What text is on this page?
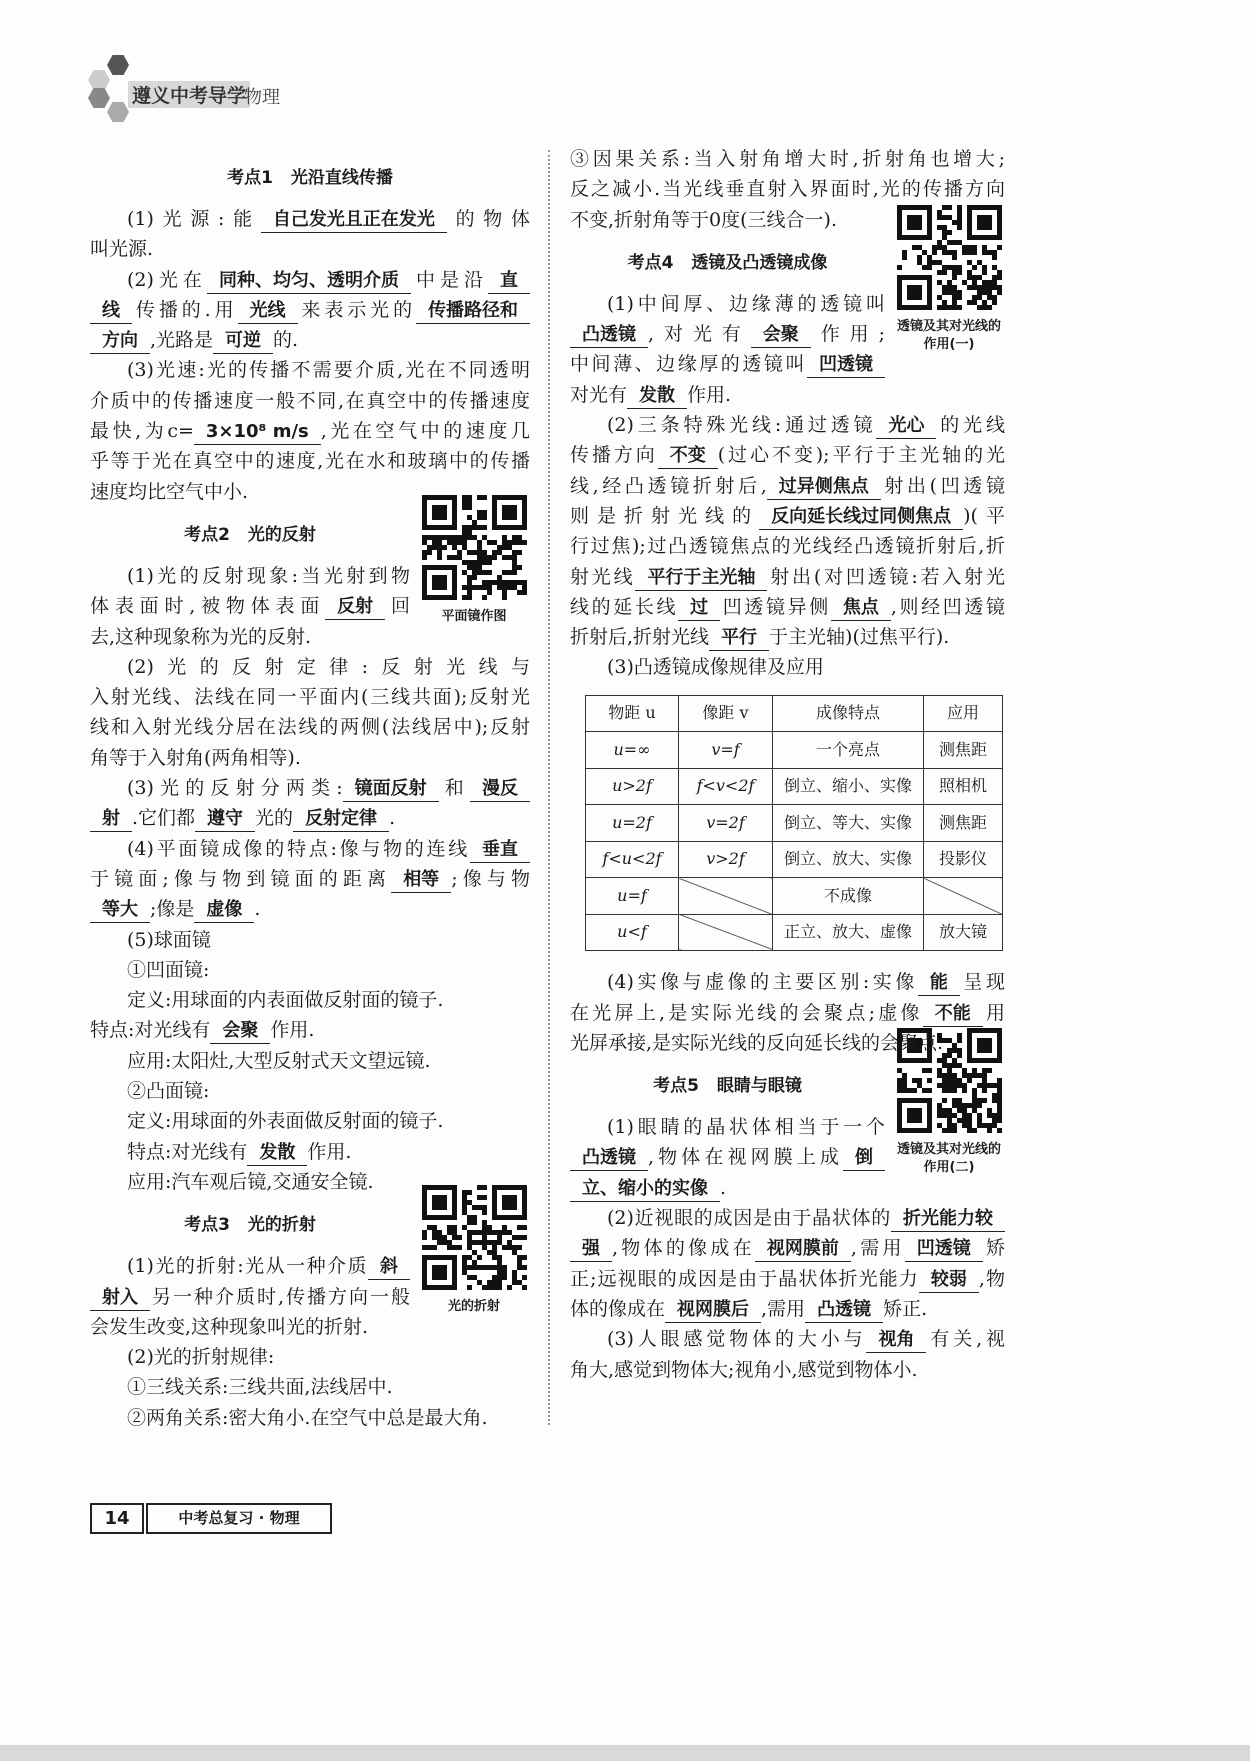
遵义中考导学
物理
考点1 光沿直线传播
(1)光源:能 自己发光且正在发光 的物体
叫光源.
(2)光在 同种、均匀、透明介质 中是沿 直
线 传播的.用 光线 来表示光的 传播路径和
方向 ,光路是 可逆 的.
(3)光速:光的传播不需要介质,光在不同透明
介质中的传播速度一般不同,在真空中的传播速度
最快,为c= 3×10⁸ m/s ,光在空气中的速度几
乎等于光在真空中的速度,光在水和玻璃中的传播
速度均比空气中小.
平面镜作图
考点2 光的反射
(1)光的反射现象:当光射到物
体表面时,被物体表面 反射 回
去,这种现象称为光的反射.
(2)光的反射定律:反射光线与
入射光线、法线在同一平面内(三线共面);反射光
线和入射光线分居在法线的两侧(法线居中);反射
角等于入射角(两角相等).
(3)光的反射分两类: 镜面反射 和 漫反
射 .它们都 遵守 光的 反射定律 .
(4)平面镜成像的特点:像与物的连线 垂直
于镜面;像与物到镜面的距离 相等 ;像与物
等大 ;像是 虚像 .
(5)球面镜
①凹面镜:
定义:用球面的内表面做反射面的镜子.
特点:对光线有 会聚 作用.
应用:太阳灶,大型反射式天文望远镜.
②凸面镜:
定义:用球面的外表面做反射面的镜子.
特点:对光线有 发散 作用.
应用:汽车观后镜,交通安全镜.
光的折射
考点3 光的折射
(1)光的折射:光从一种介质 斜
射入 另一种介质时,传播方向一般
会发生改变,这种现象叫光的折射.
(2)光的折射规律:
①三线关系:三线共面,法线居中.
②两角关系:密大角小.在空气中总是最大角.
③因果关系:当入射角增大时,折射角也增大;
反之减小.当光线垂直射入界面时,光的传播方向
不变,折射角等于0度(三线合一).
透镜及其对光线的作用(一)
考点4 透镜及凸透镜成像
(1)中间厚、边缘薄的透镜叫
凸透镜 ,对光有 会聚 作用;
中间薄、边缘厚的透镜叫 凹透镜
对光有 发散 作用.
(2)三条特殊光线:通过透镜 光心 的光线
传播方向 不变 (过心不变);平行于主光轴的光
线,经凸透镜折射后, 过异侧焦点 射出(凹透镜
则是折射光线的 反向延长线过同侧焦点 )(平
行过焦);过凸透镜焦点的光线经凸透镜折射后,折
射光线 平行于主光轴 射出(对凹透镜:若入射光
线的延长线 过 凹透镜异侧 焦点 ,则经凹透镜
折射后,折射光线 平行 于主光轴)(过焦平行).
(3)凸透镜成像规律及应用
物距 u	像距 v	成像特点	应用
u=∞	v=f	一个亮点	测焦距
u>2f	f<v<2f	倒立、缩小、实像	照相机
u=2f	v=2f	倒立、等大、实像	测焦距
f<u<2f	v>2f	倒立、放大、实像	投影仪
u=f		不成像	
u<f		正立、放大、虚像	放大镜
(4)实像与虚像的主要区别:实像 能 呈现
在光屏上,是实际光线的会聚点;虚像 不能 用
光屏承接,是实际光线的反向延长线的会聚点.
透镜及其对光线的作用(二)
考点5 眼睛与眼镜
(1)眼睛的晶状体相当于一个
凸透镜 ,物体在视网膜上成 倒
立、缩小的实像 .
(2)近视眼的成因是由于晶状体的 折光能力较
强 ,物体的像成在 视网膜前 ,需用 凹透镜 矫
正;远视眼的成因是由于晶状体折光能力 较弱 ,物
体的像成在 视网膜后 ,需用 凸透镜 矫正.
(3)人眼感觉物体的大小与 视角 有关,视
角大,感觉到物体大;视角小,感觉到物体小.
14	中考总复习 · 物理
